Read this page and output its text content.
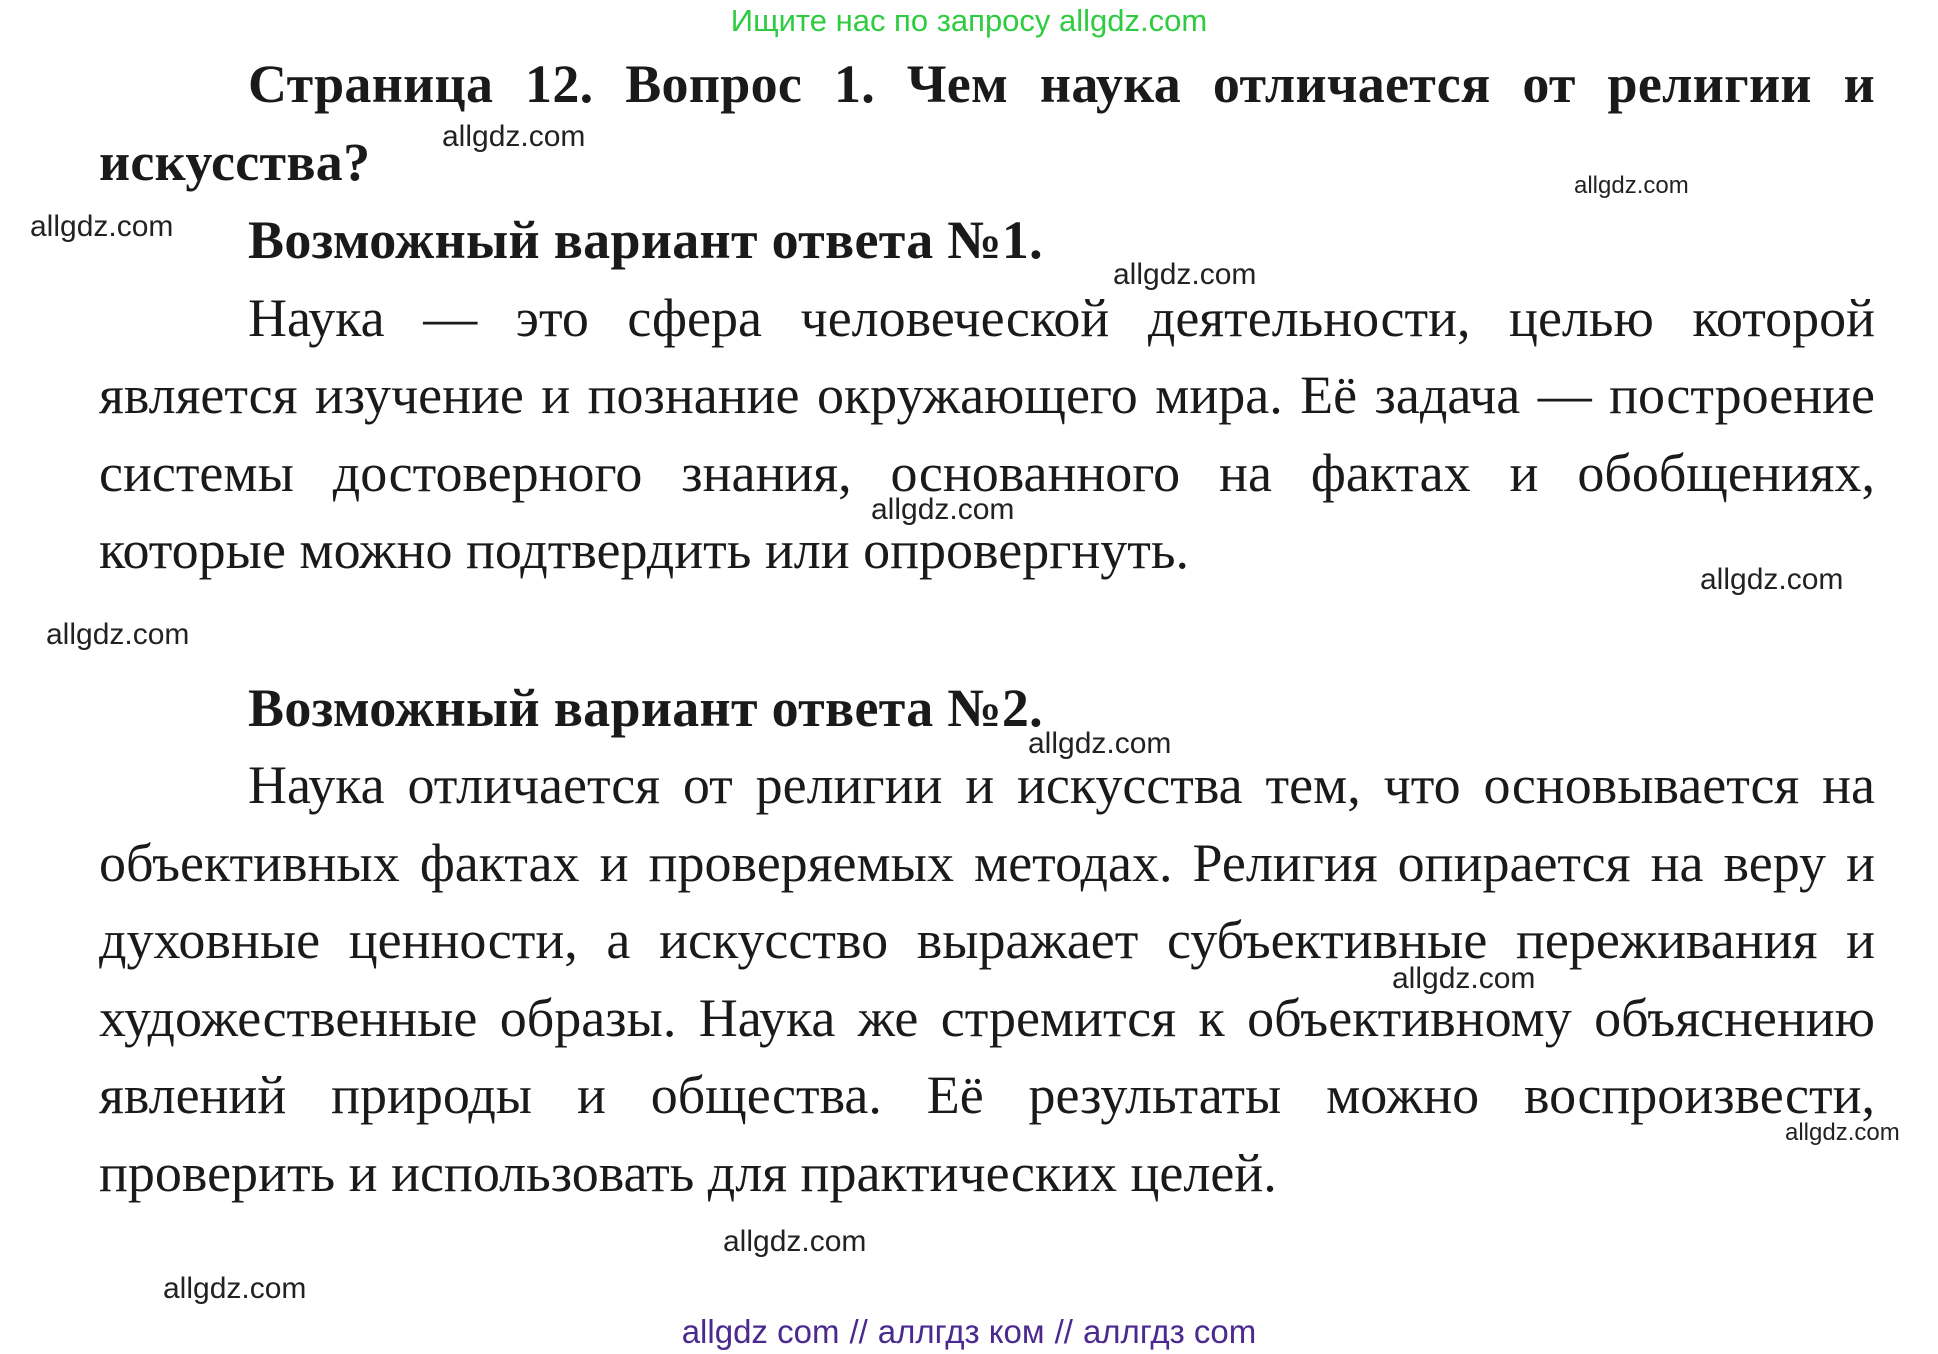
Ищите нас по запросу allgdz.com

Страница 12. Вопрос 1. Чем наука отличается от религии и искусства?

Возможный вариант ответа №1.

Наука — это сфера человеческой деятельности, целью которой является изучение и познание окружающего мира. Её задача — построение системы достоверного знания, основанного на фактах и обобщениях, которые можно подтвердить или опровергнуть.

Возможный вариант ответа №2.

Наука отличается от религии и искусства тем, что основывается на объективных фактах и проверяемых методах. Религия опирается на веру и духовные ценности, а искусство выражает субъективные переживания и художественные образы. Наука же стремится к объективному объяснению явлений природы и общества. Её результаты можно воспроизвести, проверить и использовать для практических целей.

allgdz.com
allgdz.com
allgdz.com
allgdz.com
allgdz.com
allgdz.com
allgdz.com
allgdz.com
allgdz.com
allgdz.com
allgdz.com
allgdz.com
allgdz com // аллгдз ком // аллгдз com
